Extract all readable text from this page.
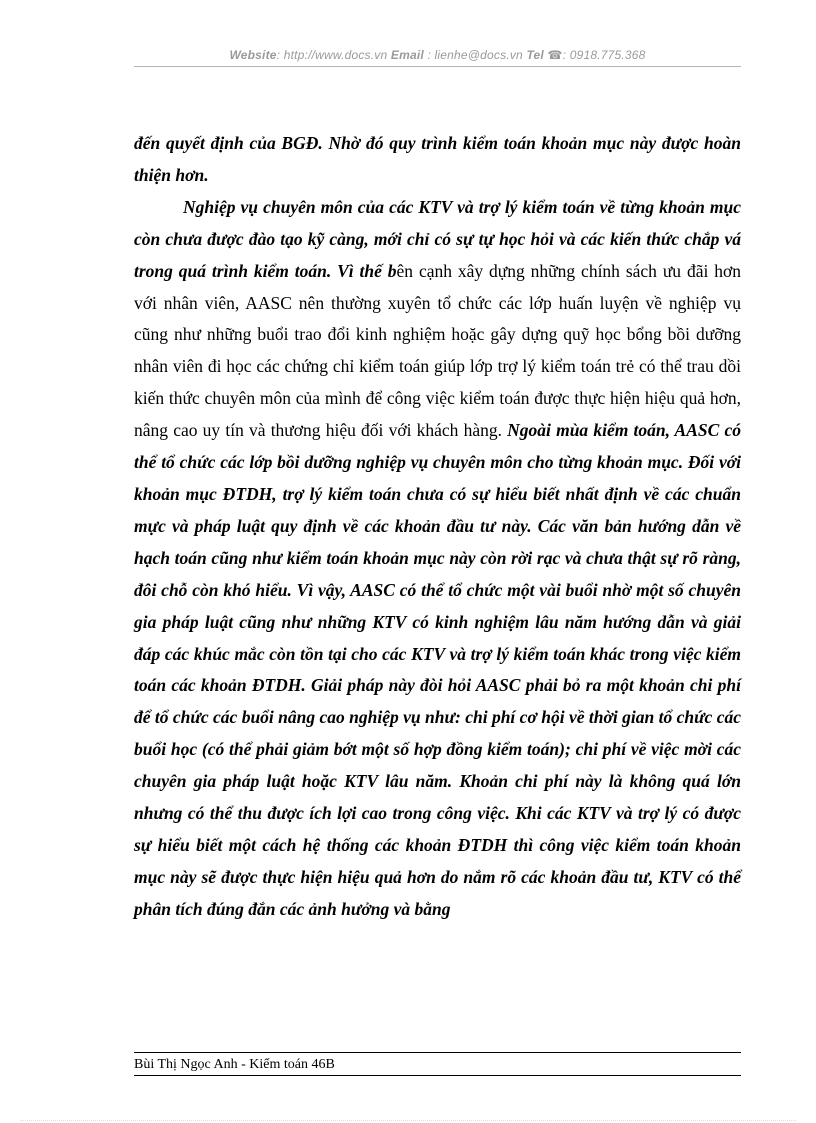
Website: http://www.docs.vn Email : lienhe@docs.vn Tel ☎: 0918.775.368

đến quyết định của BGĐ. Nhờ đó quy trình kiểm toán khoản mục này được hoàn thiện hơn.

Nghiệp vụ chuyên môn của các KTV và trợ lý kiểm toán về từng khoản mục còn chưa được đào tạo kỹ càng, mới chỉ có sự tự học hỏi và các kiến thức chắp vá trong quá trình kiểm toán. Vì thế bên cạnh xây dựng những chính sách ưu đãi hơn với nhân viên, AASC nên thường xuyên tổ chức các lớp huấn luyện về nghiệp vụ cũng như những buổi trao đổi kinh nghiệm hoặc gây dựng quỹ học bổng bồi dưỡng nhân viên đi học các chứng chỉ kiểm toán giúp lớp trợ lý kiểm toán trẻ có thể trau dồi kiến thức chuyên môn của mình để công việc kiểm toán được thực hiện hiệu quả hơn, nâng cao uy tín và thương hiệu đối với khách hàng. Ngoài mùa kiểm toán, AASC có thể tổ chức các lớp bồi dưỡng nghiệp vụ chuyên môn cho từng khoản mục. Đối với khoản mục ĐTDH, trợ lý kiểm toán chưa có sự hiểu biết nhất định về các chuẩn mực và pháp luật quy định về các khoản đầu tư này. Các văn bản hướng dẫn về hạch toán cũng như kiểm toán khoản mục này còn rời rạc và chưa thật sự rõ ràng, đôi chỗ còn khó hiểu. Vì vậy, AASC có thể tổ chức một vài buổi nhờ một số chuyên gia pháp luật cũng như những KTV có kinh nghiệm lâu năm hướng dẫn và giải đáp các khúc mắc còn tồn tại cho các KTV và trợ lý kiểm toán khác trong việc kiểm toán các khoản ĐTDH. Giải pháp này đòi hỏi AASC phải bỏ ra một khoản chi phí để tổ chức các buổi nâng cao nghiệp vụ như: chi phí cơ hội về thời gian tổ chức các buổi học (có thể phải giảm bớt một số hợp đồng kiểm toán); chi phí về việc mời các chuyên gia pháp luật hoặc KTV lâu năm. Khoản chi phí này là không quá lớn nhưng có thể thu được ích lợi cao trong công việc. Khi các KTV và trợ lý có được sự hiểu biết một cách hệ thống các khoản ĐTDH thì công việc kiểm toán khoản mục này sẽ được thực hiện hiệu quả hơn do nắm rõ các khoản đầu tư, KTV có thể phân tích đúng đắn các ảnh hưởng và bằng

Bùi Thị Ngọc Anh - Kiểm toán 46B
